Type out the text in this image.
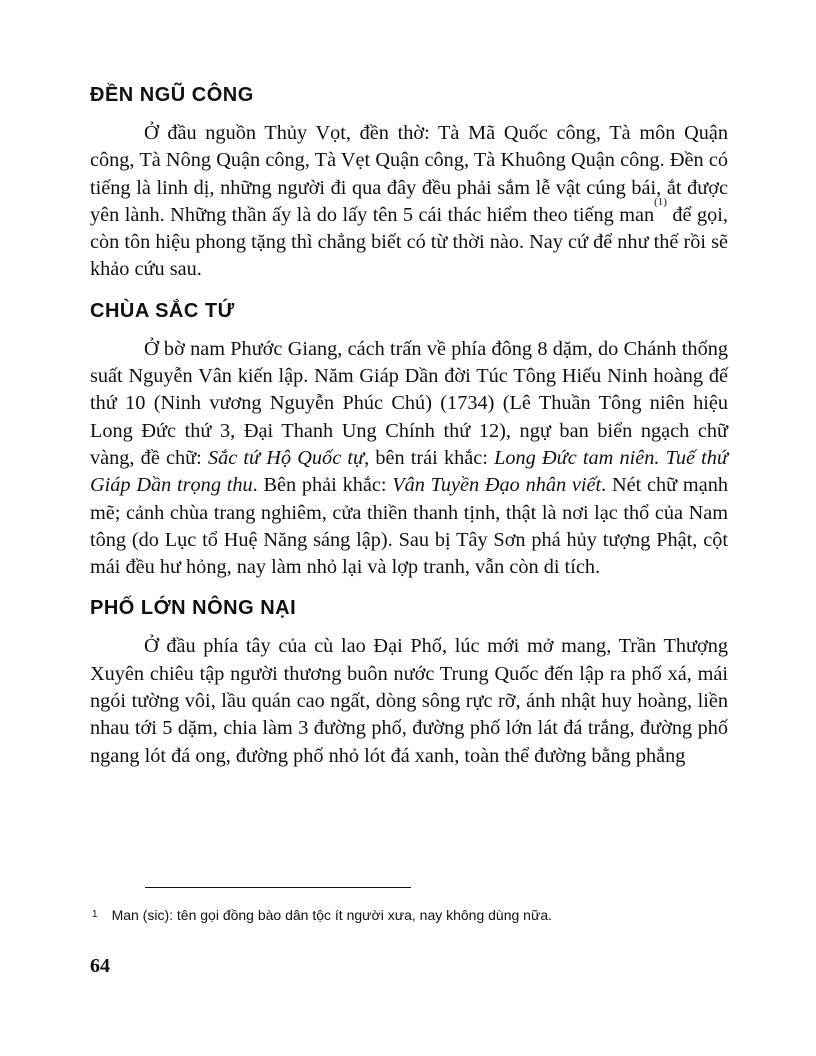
ĐỀN NGŨ CÔNG

Ở đầu nguồn Thủy Vọt, đền thờ: Tà Mã Quốc công, Tà môn Quận công, Tà Nông Quận công, Tà Vẹt Quận công, Tà Khuông Quận công. Đền có tiếng là linh dị, những người đi qua đây đều phải sắm lễ vật cúng bái, ắt được yên lành. Những thần ấy là do lấy tên 5 cái thác hiểm theo tiếng man$^{(1)}$ để gọi, còn tôn hiệu phong tặng thì chẳng biết có từ thời nào. Nay cứ để như thế rồi sẽ khảo cứu sau.

CHÙA SẮC TỨ

Ở bờ nam Phước Giang, cách trấn về phía đông 8 dặm, do Chánh thống suất Nguyễn Vân kiến lập. Năm Giáp Dần đời Túc Tông Hiếu Ninh hoàng đế thứ 10 (Ninh vương Nguyễn Phúc Chú) (1734) (Lê Thuần Tông niên hiệu Long Đức thứ 3, Đại Thanh Ung Chính thứ 12), ngự ban biển ngạch chữ vàng, đề chữ: Sắc tứ Hộ Quốc tự, bên trái khắc: Long Đức tam niên. Tuế thứ Giáp Dần trọng thu. Bên phải khắc: Vân Tuyền Đạo nhân viết. Nét chữ mạnh mẽ; cảnh chùa trang nghiêm, cửa thiền thanh tịnh, thật là nơi lạc thổ của Nam tông (do Lục tổ Huệ Năng sáng lập). Sau bị Tây Sơn phá hủy tượng Phật, cột mái đều hư hỏng, nay làm nhỏ lại và lợp tranh, vẫn còn di tích.

PHỐ LỚN NÔNG NẠI

Ở đầu phía tây của cù lao Đại Phố, lúc mới mở mang, Trần Thượng Xuyên chiêu tập người thương buôn nước Trung Quốc đến lập ra phố xá, mái ngói tường vôi, lầu quán cao ngất, dòng sông rực rỡ, ánh nhật huy hoàng, liền nhau tới 5 dặm, chia làm 3 đường phố, đường phố lớn lát đá trắng, đường phố ngang lót đá ong, đường phố nhỏ lót đá xanh, toàn thể đường bằng phẳng

$^1$ Man (sic): tên gọi đồng bào dân tộc ít người xưa, nay không dùng nữa.
64
